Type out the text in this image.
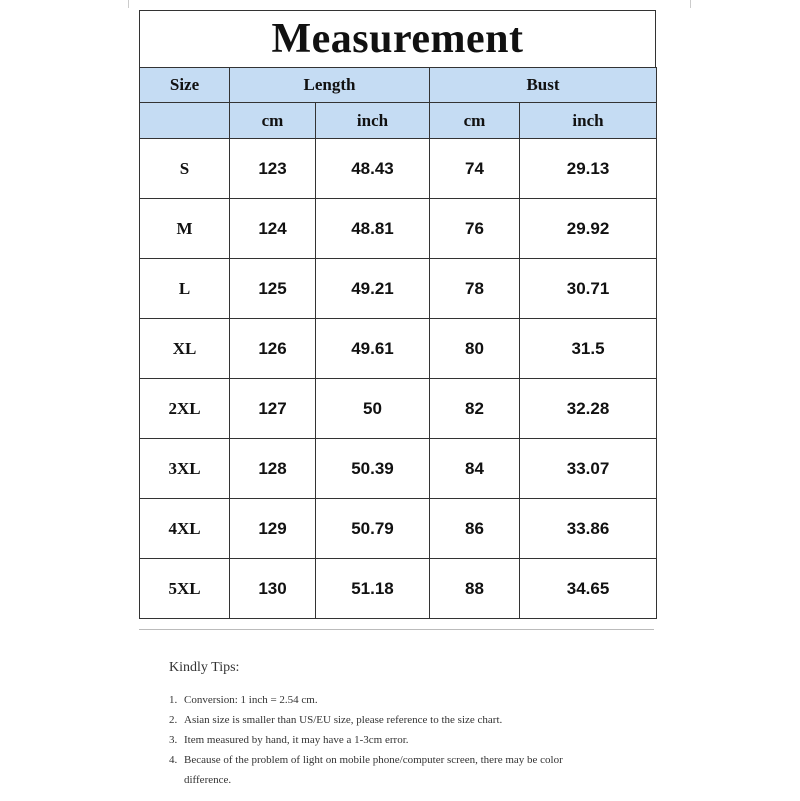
Measurement
Size	Length		Bust	
	cm	inch	cm	inch
S	123	48.43	74	29.13
M	124	48.81	76	29.92
L	125	49.21	78	30.71
XL	126	49.61	80	31.5
2XL	127	50	82	32.28
3XL	128	50.39	84	33.07
4XL	129	50.79	86	33.86
5XL	130	51.18	88	34.65
Kindly Tips:
1. Conversion: 1 inch = 2.54 cm.
2. Asian size is smaller than US/EU size, please reference to the size chart.
3. Item measured by hand, it may have a 1-3cm error.
4. Because of the problem of light on mobile phone/computer screen, there may be color difference.
